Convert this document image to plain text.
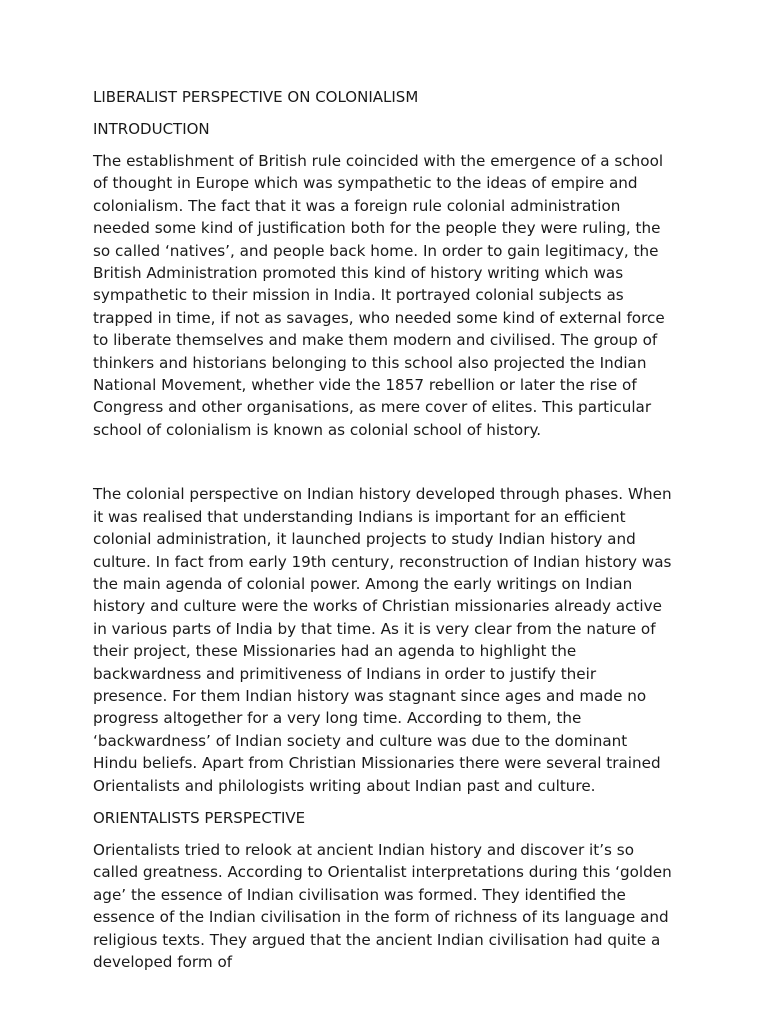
LIBERALIST PERSPECTIVE ON COLONIALISM

INTRODUCTION

The establishment of British rule coincided with the emergence of a school of thought in Europe which was sympathetic to the ideas of empire and colonialism. The fact that it was a foreign rule colonial administration needed some kind of justification both for the people they were ruling, the so called ‘natives’, and people back home. In order to gain legitimacy, the British Administration promoted this kind of history writing which was sympathetic to their mission in India. It portrayed colonial subjects as trapped in time, if not as savages, who needed some kind of external force to liberate themselves and make them modern and civilised. The group of thinkers and historians belonging to this school also projected the Indian National Movement, whether vide the 1857 rebellion or later the rise of Congress and other organisations, as mere cover of elites. This particular school of colonialism is known as colonial school of history.

The colonial perspective on Indian history developed through phases. When it was realised that understanding Indians is important for an efficient colonial administration, it launched projects to study Indian history and culture. In fact from early 19th century, reconstruction of Indian history was the main agenda of colonial power. Among the early writings on Indian history and culture were the works of Christian missionaries already active in various parts of India by that time. As it is very clear from the nature of their project, these Missionaries had an agenda to highlight the backwardness and primitiveness of Indians in order to justify their presence. For them Indian history was stagnant since ages and made no progress altogether for a very long time. According to them, the ‘backwardness’ of Indian society and culture was due to the dominant Hindu beliefs. Apart from Christian Missionaries there were several trained Orientalists and philologists writing about Indian past and culture.

ORIENTALISTS PERSPECTIVE

Orientalists tried to relook at ancient Indian history and discover it’s so called greatness. According to Orientalist interpretations during this ‘golden age’ the essence of Indian civilisation was formed. They identified the essence of the Indian civilisation in the form of richness of its language and religious texts. They argued that the ancient Indian civilisation had quite a developed form of
